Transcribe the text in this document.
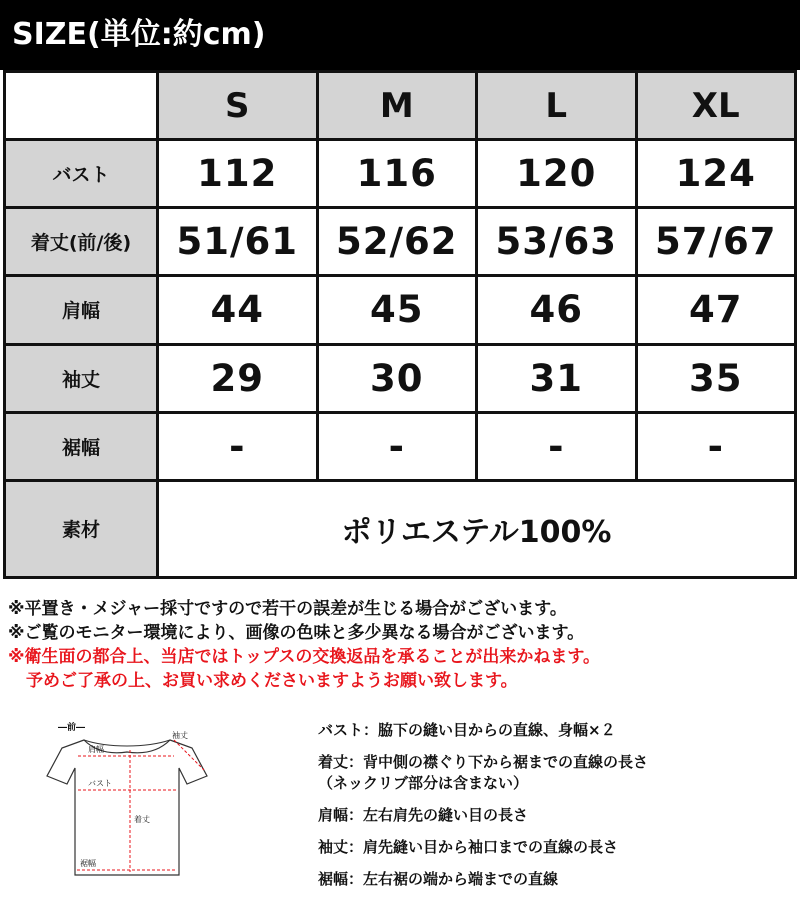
SIZE(単位:約cm)
	S	M	L	XL
バスト	112	116	120	124
着丈(前/後)	51/61	52/62	53/63	57/67
肩幅	44	45	46	47
袖丈	29	30	31	35
裾幅	-	-	-	-
素材	ポリエステル100%			
※平置き・メジャー採寸ですので若干の誤差が生じる場合がございます。
※ご覧のモニター環境により、画像の色味と多少異なる場合がございます。
※衛生面の都合上、当店ではトップスの交換返品を承ることが出来かねます。
予めご了承の上、お買い求めくださいますようお願い致します。
―前―
袖丈
肩幅
バスト
着丈
裾幅
バスト：脇下の縫い目からの直線、身幅×２
着丈：背中側の襟ぐり下から裾までの直線の長さ
（ネックリブ部分は含まない）
肩幅：左右肩先の縫い目の長さ
袖丈：肩先縫い目から袖口までの直線の長さ
裾幅：左右裾の端から端までの直線
